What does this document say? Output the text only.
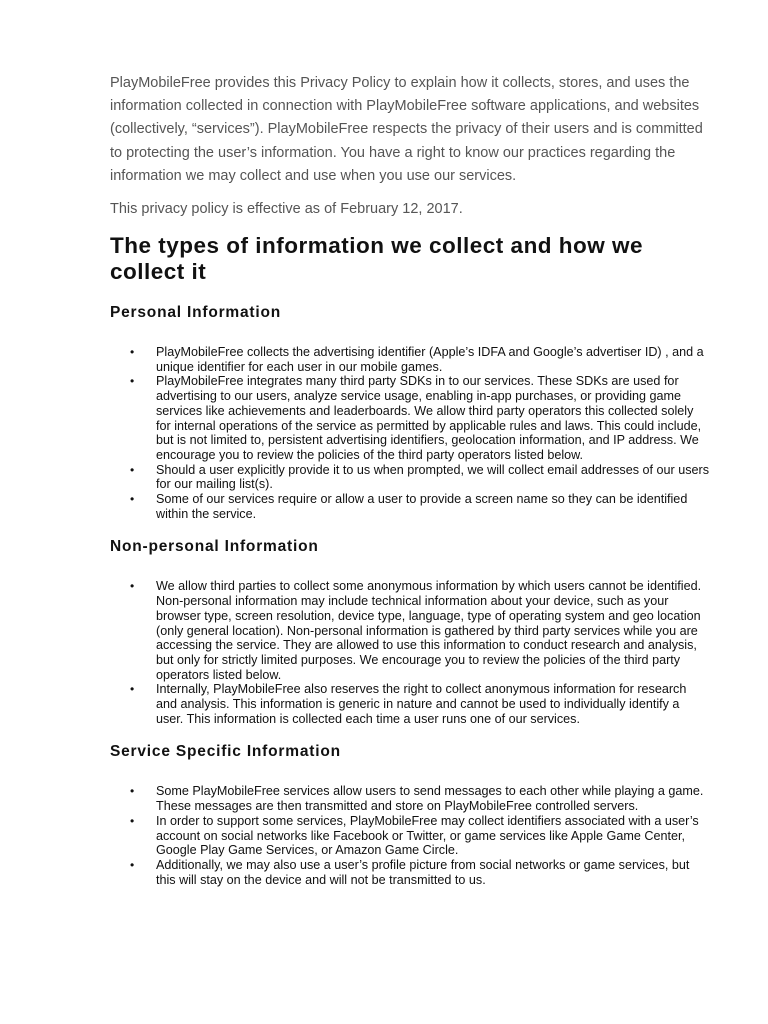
PlayMobileFree provides this Privacy Policy to explain how it collects, stores, and uses the information collected in connection with PlayMobileFree software applications, and websites (collectively, “services”). PlayMobileFree respects the privacy of their users and is committed to protecting the user’s information. You have a right to know our practices regarding the information we may collect and use when you use our services.

This privacy policy is effective as of February 12, 2017.

The types of information we collect and how we collect it
Personal Information
• PlayMobileFree collects the advertising identifier (Apple’s IDFA and Google’s advertiser ID) , and a unique identifier for each user in our mobile games.
• PlayMobileFree integrates many third party SDKs in to our services. These SDKs are used for advertising to our users, analyze service usage, enabling in-app purchases, or providing game services like achievements and leaderboards. We allow third party operators this collected solely for internal operations of the service as permitted by applicable rules and laws. This could include, but is not limited to, persistent advertising identifiers, geolocation information, and IP address. We encourage you to review the policies of the third party operators listed below.
• Should a user explicitly provide it to us when prompted, we will collect email addresses of our users for our mailing list(s).
• Some of our services require or allow a user to provide a screen name so they can be identified within the service.
Non-personal Information
• We allow third parties to collect some anonymous information by which users cannot be identified. Non-personal information may include technical information about your device, such as your browser type, screen resolution, device type, language, type of operating system and geo location (only general location). Non-personal information is gathered by third party services while you are accessing the service. They are allowed to use this information to conduct research and analysis, but only for strictly limited purposes. We encourage you to review the policies of the third party operators listed below.
• Internally, PlayMobileFree also reserves the right to collect anonymous information for research and analysis. This information is generic in nature and cannot be used to individually identify a user. This information is collected each time a user runs one of our services.
Service Specific Information
• Some PlayMobileFree services allow users to send messages to each other while playing a game. These messages are then transmitted and store on PlayMobileFree controlled servers.
• In order to support some services, PlayMobileFree may collect identifiers associated with a user’s account on social networks like Facebook or Twitter, or game services like Apple Game Center, Google Play Game Services, or Amazon Game Circle.
• Additionally, we may also use a user’s profile picture from social networks or game services, but this will stay on the device and will not be transmitted to us.
